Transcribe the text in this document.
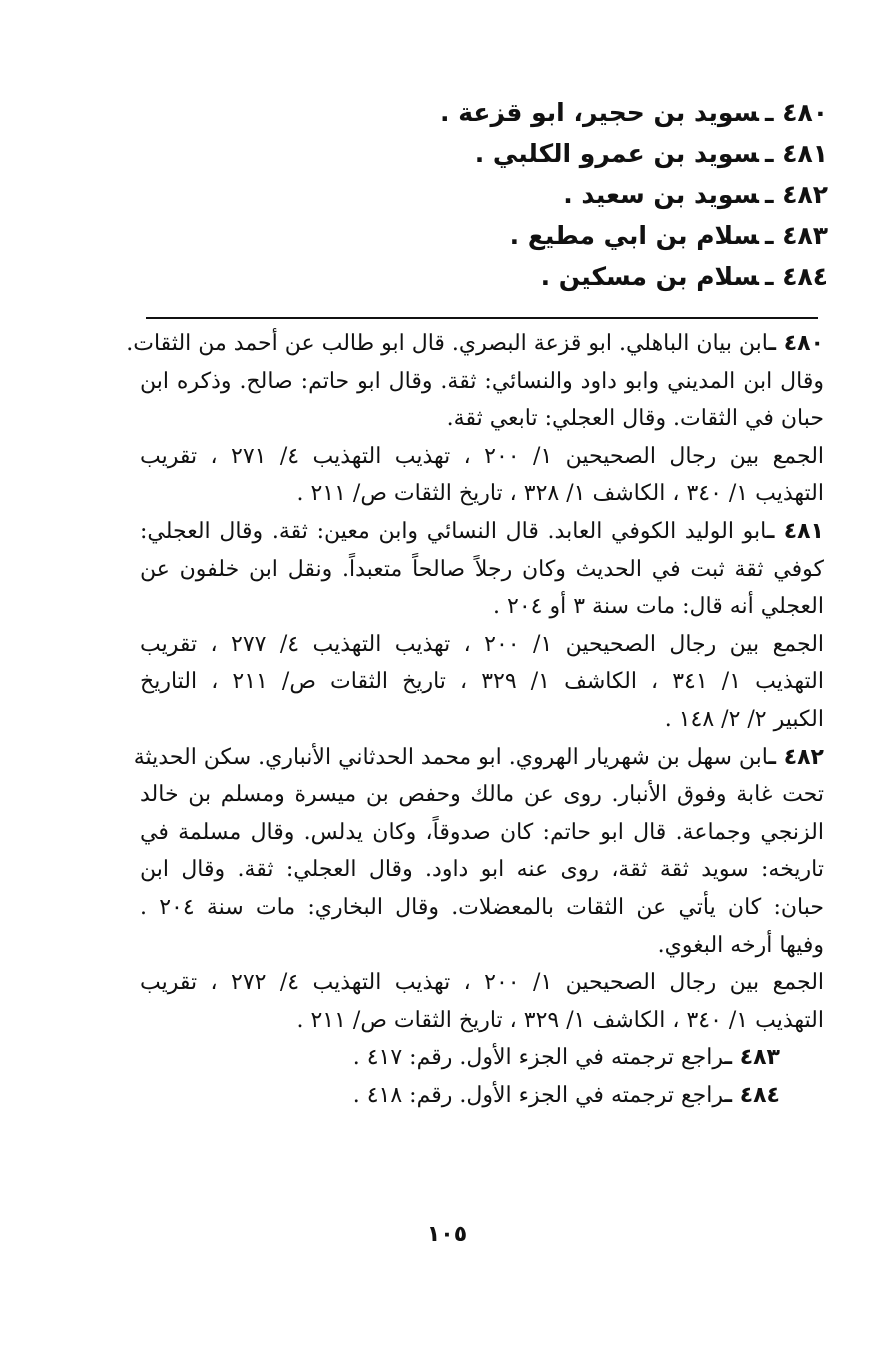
٤٨٠ ـسويد بن حجير، ابو قزعة .
٤٨١ ـسويد بن عمرو الكلبي .
٤٨٢ ـسويد بن سعيد .
٤٨٣ ـسلام بن ابي مطيع .
٤٨٤ ـسلام بن مسكين .
٤٨٠ ـابن بيان الباهلي. ابو قزعة البصري. قال ابو طالب عن أحمد من الثقات.
وقال ابن المديني وابو داود والنسائي: ثقة. وقال ابو حاتم: صالح. وذكره ابن
حبان في الثقات. وقال العجلي: تابعي ثقة.
الجمع بين رجال الصحيحين ١/ ٢٠٠ ، تهذيب التهذيب ٤/ ٢٧١ ، تقريب
التهذيب ١/ ٣٤٠ ، الكاشف ١/ ٣٢٨ ، تاريخ الثقات ص/ ٢١١ .
٤٨١ ـابو الوليد الكوفي العابد. قال النسائي وابن معين: ثقة. وقال العجلي:
كوفي ثقة ثبت في الحديث وكان رجلاً صالحاً متعبداً. ونقل ابن خلفون عن
العجلي أنه قال: مات سنة ٣ أو ٢٠٤ .
الجمع بين رجال الصحيحين ١/ ٢٠٠ ، تهذيب التهذيب ٤/ ٢٧٧ ، تقريب
التهذيب ١/ ٣٤١ ، الكاشف ١/ ٣٢٩ ، تاريخ الثقات ص/ ٢١١ ، التاريخ
الكبير ٢/ ٢/ ١٤٨ .
٤٨٢ ـابن سهل بن شهريار الهروي. ابو محمد الحدثاني الأنباري. سكن الحديثة
تحت غابة وفوق الأنبار. روى عن مالك وحفص بن ميسرة ومسلم بن خالد
الزنجي وجماعة. قال ابو حاتم: كان صدوقاً، وكان يدلس. وقال مسلمة في
تاريخه: سويد ثقة ثقة، روى عنه ابو داود. وقال العجلي: ثقة. وقال ابن
حبان: كان يأتي عن الثقات بالمعضلات. وقال البخاري: مات سنة ٢٠٤ .
وفيها أرخه البغوي.
الجمع بين رجال الصحيحين ١/ ٢٠٠ ، تهذيب التهذيب ٤/ ٢٧٢ ، تقريب
التهذيب ١/ ٣٤٠ ، الكاشف ١/ ٣٢٩ ، تاريخ الثقات ص/ ٢١١ .
٤٨٣ ـراجع ترجمته في الجزء الأول. رقم: ٤١٧ .
٤٨٤ ـراجع ترجمته في الجزء الأول. رقم: ٤١٨ .
١٠٥
